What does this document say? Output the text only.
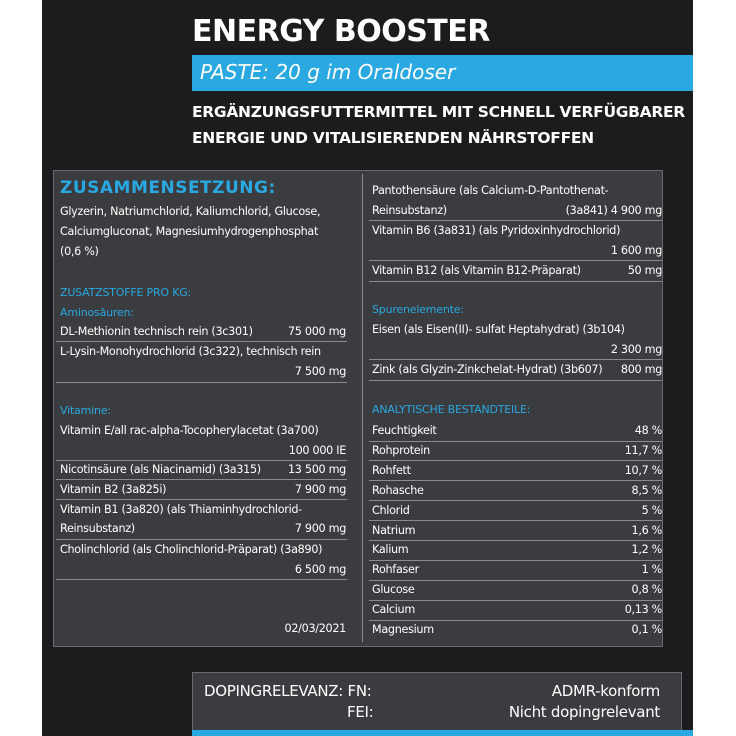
ENERGY BOOSTER
PASTE: 20 g im Oraldoser
ERGÄNZUNGSFUTTERMITTEL MIT SCHNELL VERFÜGBARER
ENERGIE UND VITALISIERENDEN NÄHRSTOFFEN
ZUSAMMENSETZUNG:
Glyzerin, Natriumchlorid, Kaliumchlorid, Glucose,
Calciumgluconat, Magnesiumhydrogenphosphat
(0,6 %)
ZUSATZSTOFFE PRO KG:
Aminosäuren:
DL-Methionin technisch rein (3c301)	75 000 mg
L-Lysin-Monohydrochlorid (3c322), technisch rein
7 500 mg
Vitamine:
Vitamin E/all rac-alpha-Tocopherylacetat (3a700)
100 000 IE
Nicotinsäure (als Niacinamid) (3a315)	13 500 mg
Vitamin B2 (3a825i)	7 900 mg
Vitamin B1 (3a820) (als Thiaminhydrochlorid-
Reinsubstanz)	7 900 mg
Cholinchlorid (als Cholinchlorid-Präparat) (3a890)
6 500 mg
02/03/2021
Pantothensäure (als Calcium-D-Pantothenat-
Reinsubstanz)	(3a841) 4 900 mg
Vitamin B6 (3a831) (als Pyridoxinhydrochlorid)
1 600 mg
Vitamin B12 (als Vitamin B12-Präparat)	50 mg
Spurenelemente:
Eisen (als Eisen(II)- sulfat Heptahydrat) (3b104)
2 300 mg
Zink (als Glyzin-Zinkchelat-Hydrat) (3b607)	800 mg
ANALYTISCHE BESTANDTEILE:
Feuchtigkeit	48 %
Rohprotein	11,7 %
Rohfett	10,7 %
Rohasche	8,5 %
Chlorid	5 %
Natrium	1,6 %
Kalium	1,2 %
Rohfaser	1 %
Glucose	0,8 %
Calcium	0,13 %
Magnesium	0,1 %
DOPINGRELEVANZ: FN:	ADMR-konform
FEI:	Nicht dopingrelevant
